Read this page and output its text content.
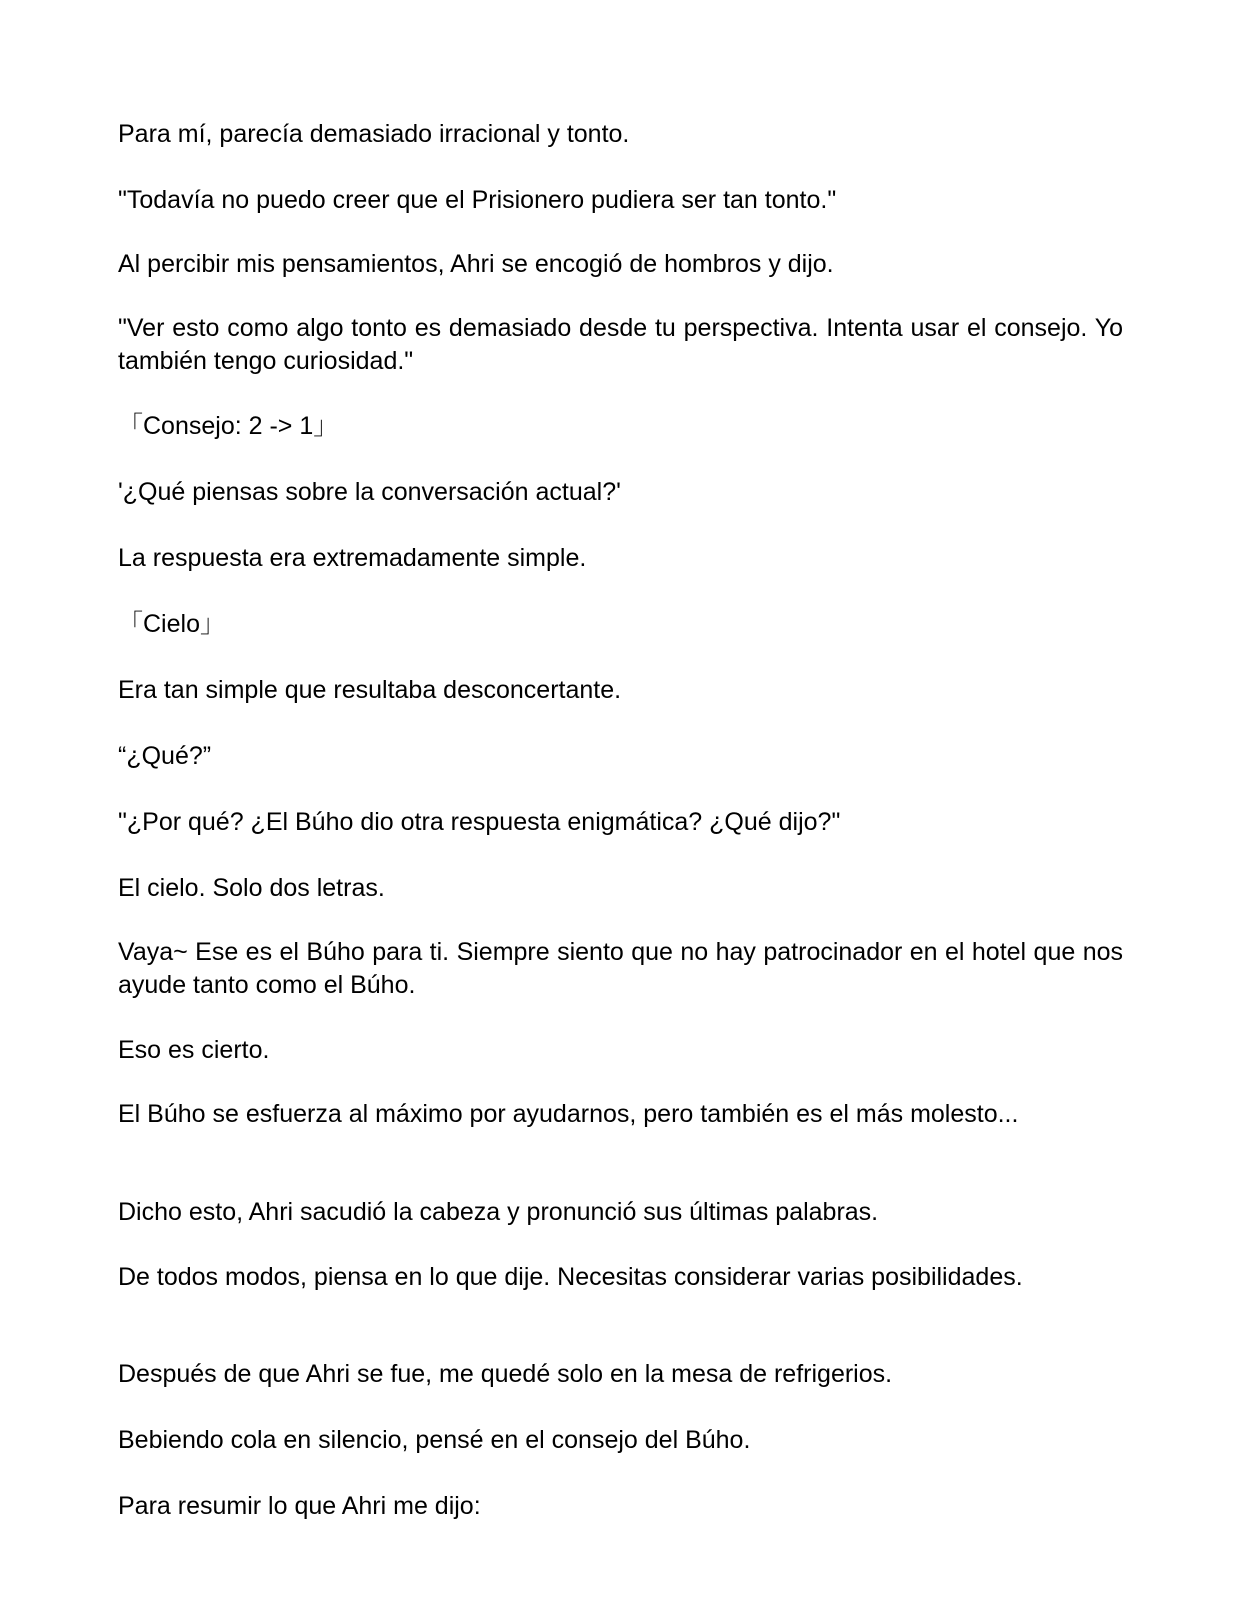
Para mí, parecía demasiado irracional y tonto.
"Todavía no puedo creer que el Prisionero pudiera ser tan tonto."
Al percibir mis pensamientos, Ahri se encogió de hombros y dijo.
"Ver esto como algo tonto es demasiado desde tu perspectiva. Intenta usar el consejo. Yo también tengo curiosidad."
「Consejo: 2 -> 1」
'¿Qué piensas sobre la conversación actual?'
La respuesta era extremadamente simple.
「Cielo」
Era tan simple que resultaba desconcertante.
“¿Qué?”
"¿Por qué? ¿El Búho dio otra respuesta enigmática? ¿Qué dijo?"
El cielo. Solo dos letras.
Vaya~ Ese es el Búho para ti. Siempre siento que no hay patrocinador en el hotel que nos ayude tanto como el Búho.
Eso es cierto.
El Búho se esfuerza al máximo por ayudarnos, pero también es el más molesto...
Dicho esto, Ahri sacudió la cabeza y pronunció sus últimas palabras.
De todos modos, piensa en lo que dije. Necesitas considerar varias posibilidades.
Después de que Ahri se fue, me quedé solo en la mesa de refrigerios.
Bebiendo cola en silencio, pensé en el consejo del Búho.
Para resumir lo que Ahri me dijo:
